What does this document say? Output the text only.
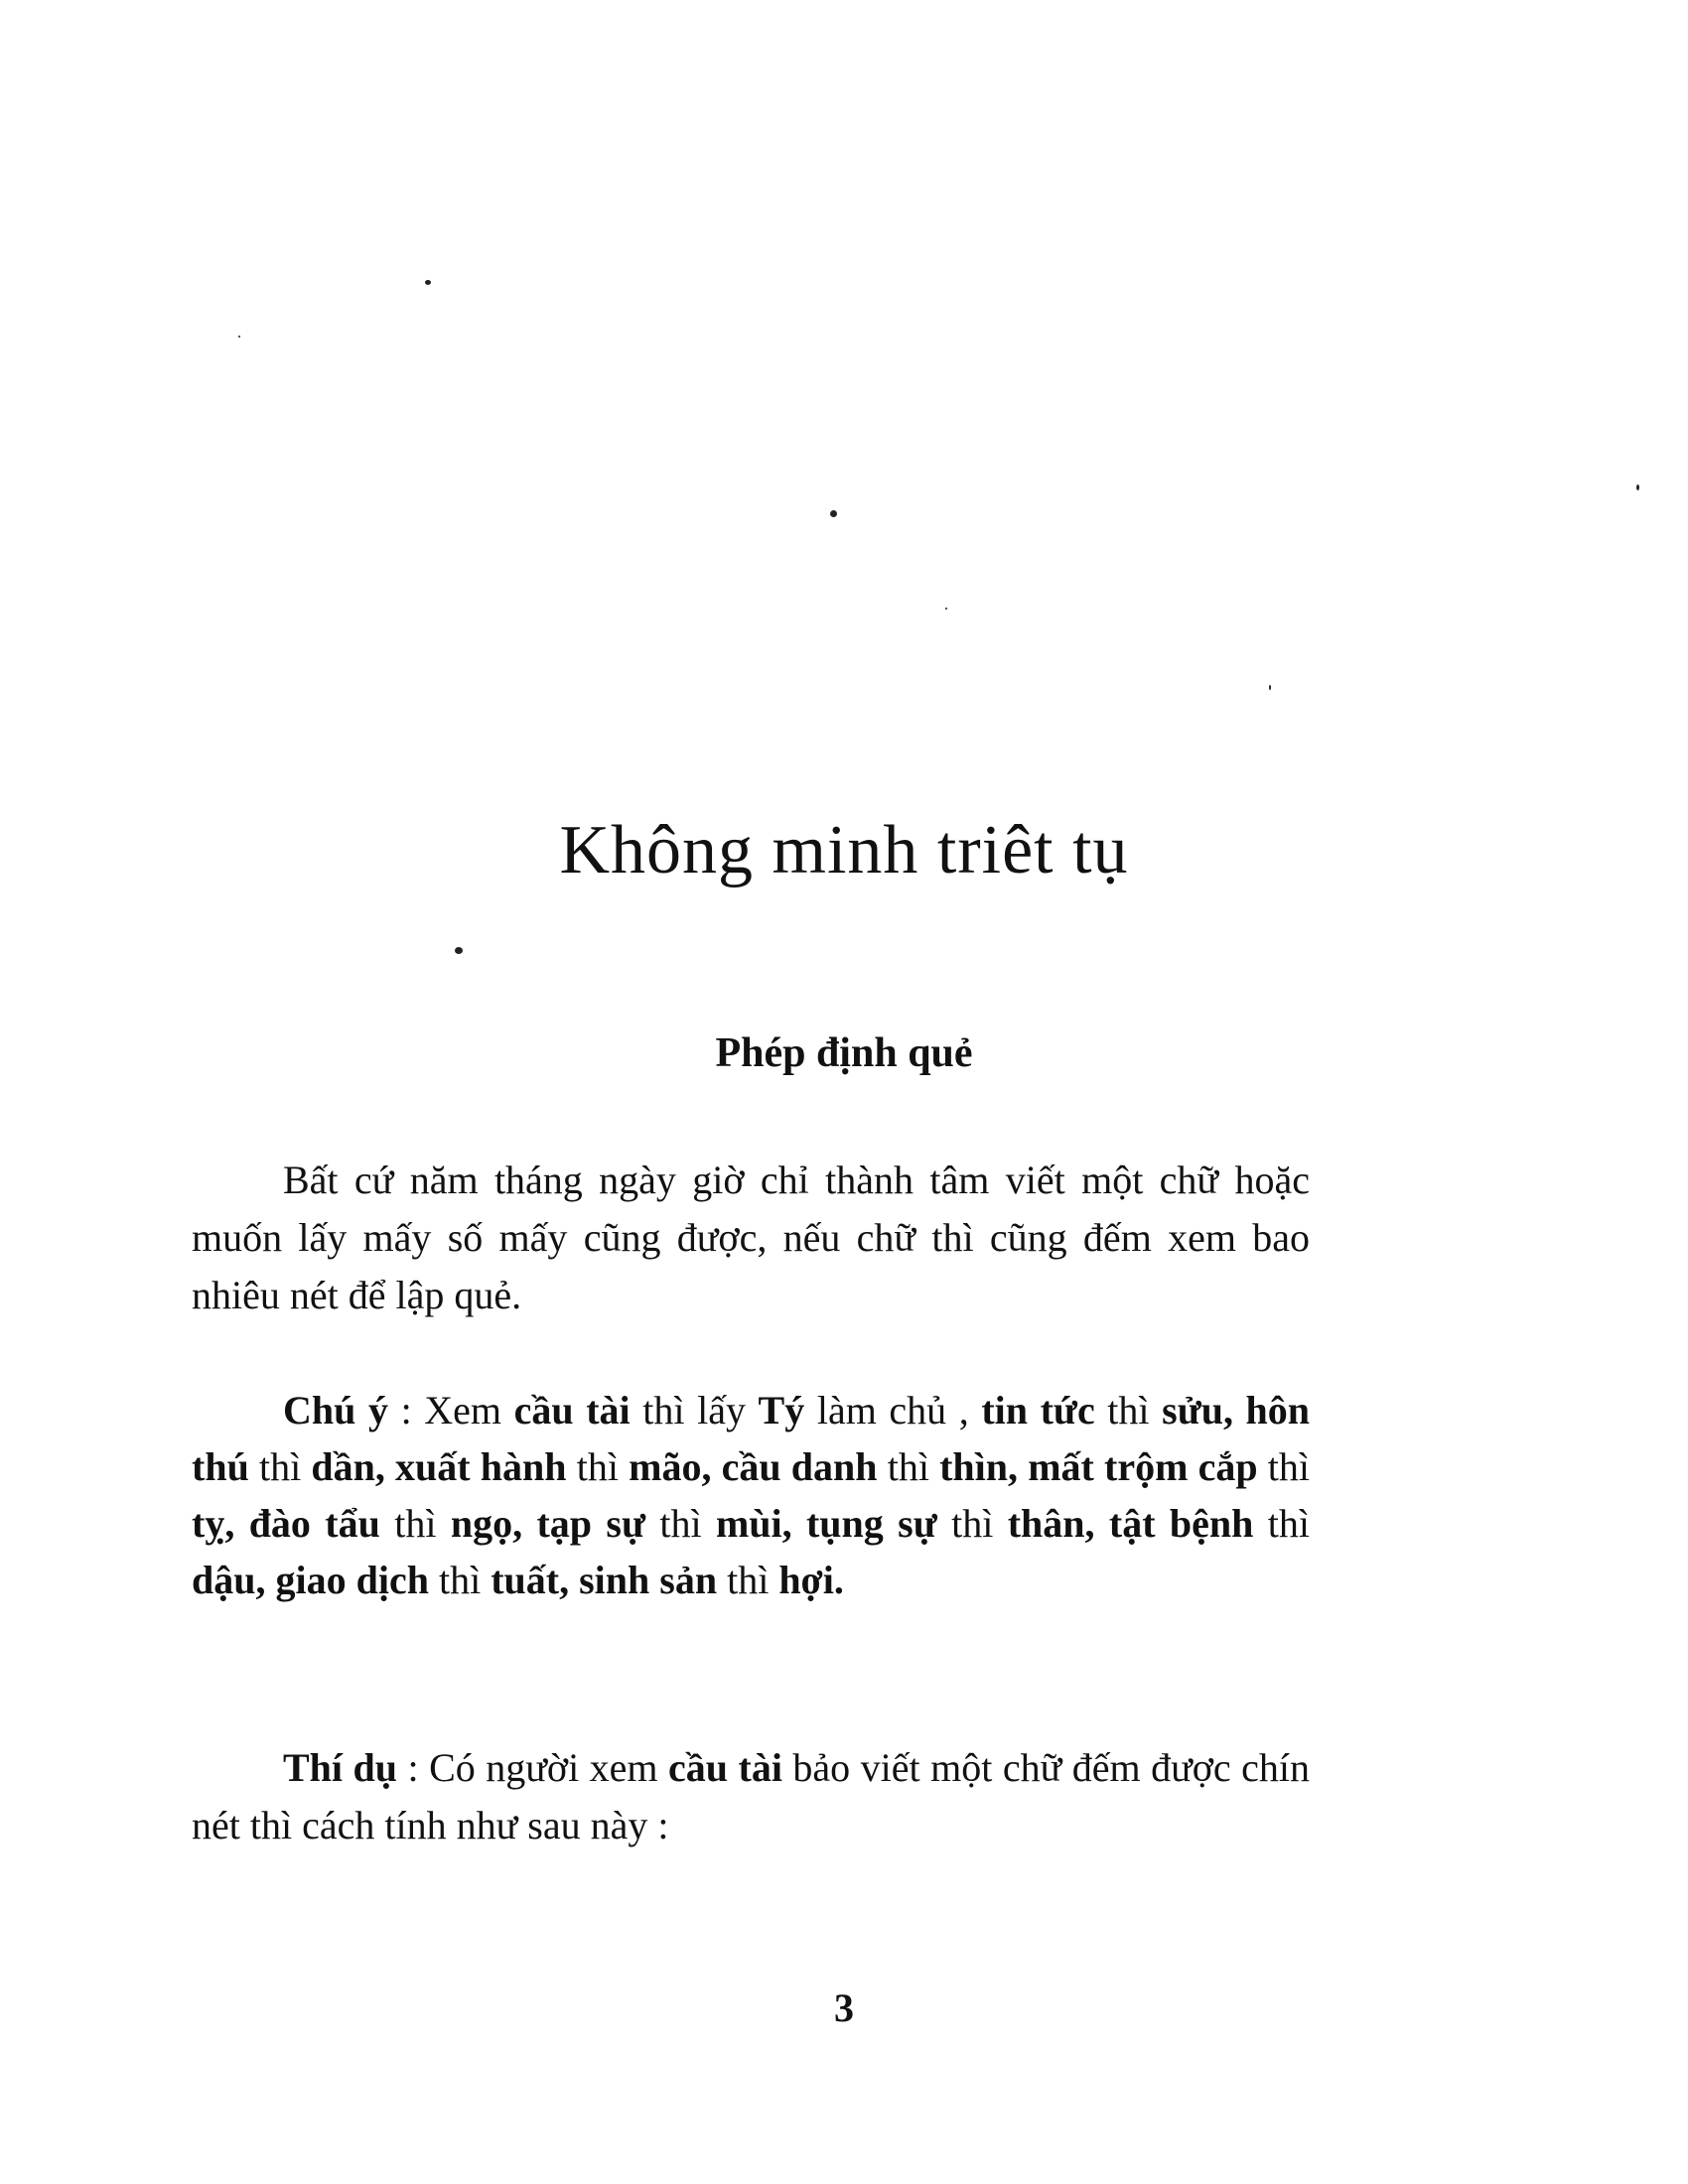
Không minh triêt tụ
Phép định quẻ

Bất cứ năm tháng ngày giờ chỉ thành tâm viết một chữ hoặc muốn lấy mấy số mấy cũng được, nếu chữ thì cũng đếm xem bao nhiêu nét để lập quẻ.

Chú ý : Xem cầu tài thì lấy Tý làm chủ , tin tức thì sửu, hôn thú thì dần, xuất hành thì mão, cầu danh thì thìn, mất trộm cắp thì tỵ, đào tẩu thì ngọ, tạp sự thì mùi, tụng sự thì thân, tật bệnh thì dậu, giao dịch thì tuất, sinh sản thì hợi.

Thí dụ : Có người xem cầu tài bảo viết một chữ đếm được chín nét thì cách tính như sau này :

3
